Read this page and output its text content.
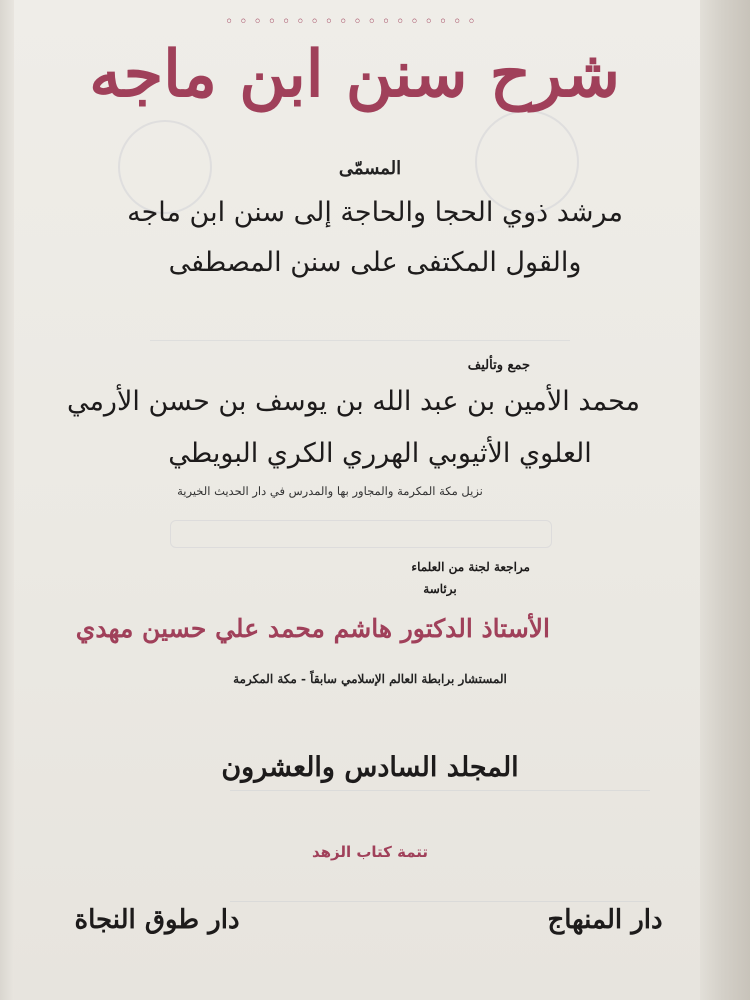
شرح سنن ابن ماجه
◦◦◦◦◦◦◦◦◦◦◦◦◦◦◦◦◦◦
المسمّى
مرشد ذوي الحجا والحاجة إلى سنن ابن ماجه
والقول المكتفى على سنن المصطفى
جمع وتأليف
محمد الأمين بن عبد الله بن يوسف بن حسن الأرمي
العلوي الأثيوبي الهرري الكري البويطي
نزيل مكة المكرمة والمجاور بها والمدرس في دار الحديث الخيرية
مراجعة لجنة من العلماء
برئاسة
الأستاذ الدكتور هاشم محمد علي حسين مهدي
المستشار برابطة العالم الإسلامي سابقاً - مكة المكرمة
المجلد السادس والعشرون
تتمة كتاب الزهد
دار طوق النجاة	دار المنهاج
